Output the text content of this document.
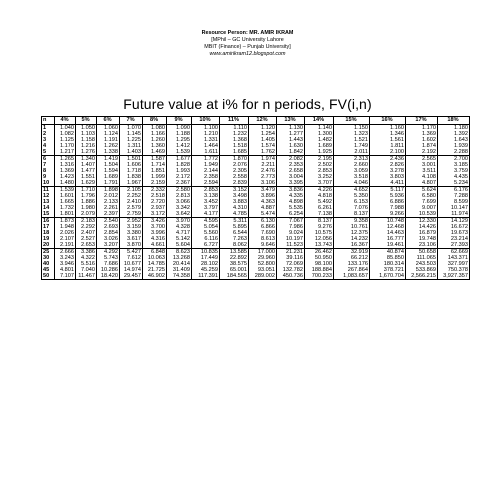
Resource Person: MR. AMIR IKRAM
[MPhil – GC University Lahore
MBIT (Finance) – Punjab University]
www.amirikram12.blogspot.com
Future value at i% for n periods, FV(i,n)
n	4%	5%	6%	7%	8%	9%	10%	11%	12%	13%	14%	15%	16%	17%	18%
1	1.040	1.050	1.060	1.070	1.080	1.090	1.100	1.110	1.120	1.130	1.140	1.150	1.160	1.170	1.180
2	1.082	1.103	1.124	1.145	1.166	1.188	1.210	1.232	1.254	1.277	1.300	1.323	1.346	1.369	1.392
3	1.125	1.158	1.191	1.225	1.260	1.295	1.331	1.368	1.405	1.443	1.482	1.521	1.561	1.602	1.643
4	1.170	1.216	1.262	1.311	1.360	1.412	1.464	1.518	1.574	1.630	1.689	1.749	1.811	1.874	1.939
5	1.217	1.276	1.338	1.403	1.469	1.539	1.611	1.685	1.762	1.842	1.925	2.011	2.100	2.192	2.288
6	1.265	1.340	1.419	1.501	1.587	1.677	1.772	1.870	1.974	2.082	2.195	2.313	2.436	2.565	2.700
7	1.316	1.407	1.504	1.606	1.714	1.828	1.949	2.076	2.211	2.353	2.502	2.660	2.826	3.001	3.185
8	1.369	1.477	1.594	1.718	1.851	1.993	2.144	2.305	2.476	2.658	2.853	3.059	3.278	3.511	3.759
9	1.423	1.551	1.689	1.838	1.999	2.172	2.358	2.558	2.773	3.004	3.252	3.518	3.803	4.108	4.435
10	1.480	1.629	1.791	1.967	2.159	2.367	2.594	2.839	3.106	3.395	3.707	4.046	4.411	4.807	5.234
11	1.539	1.710	1.898	2.105	2.332	2.580	2.853	3.152	3.479	3.836	4.226	4.652	5.117	5.624	6.176
12	1.601	1.796	2.012	2.252	2.518	2.813	3.138	3.498	3.896	4.335	4.818	5.350	5.936	6.580	7.288
13	1.665	1.886	2.133	2.410	2.720	3.066	3.452	3.883	4.363	4.898	5.492	6.153	6.886	7.699	8.599
14	1.732	1.980	2.261	2.579	2.937	3.342	3.797	4.310	4.887	5.535	6.261	7.076	7.988	9.007	10.147
15	1.801	2.079	2.397	2.759	3.172	3.642	4.177	4.785	5.474	6.254	7.138	8.137	9.266	10.539	11.974
16	1.873	2.183	2.540	2.952	3.426	3.970	4.595	5.311	6.130	7.067	8.137	9.358	10.748	12.330	14.129
17	1.948	2.292	2.693	3.159	3.700	4.328	5.054	5.895	6.866	7.986	9.276	10.761	12.468	14.426	16.672
18	2.026	2.407	2.854	3.380	3.996	4.717	5.560	6.544	7.690	9.024	10.575	12.375	14.463	16.879	19.673
19	2.107	2.527	3.026	3.617	4.316	5.142	6.116	7.263	8.613	10.197	12.056	14.232	16.777	19.748	23.214
20	2.191	2.653	3.207	3.870	4.661	5.604	6.727	8.062	9.646	11.523	13.743	16.367	19.461	23.106	27.393
25	2.666	3.386	4.292	5.427	6.848	8.623	10.835	13.585	17.000	21.231	26.462	32.919	40.874	50.658	62.669
30	3.243	4.322	5.743	7.612	10.063	13.268	17.449	22.892	29.960	39.116	50.950	66.212	85.850	111.065	143.371
40	3.946	5.516	7.686	10.677	14.785	20.414	28.102	38.575	52.800	72.069	98.100	133.176	180.314	243.503	327.997
45	4.801	7.040	10.286	14.974	21.725	31.409	45.259	65.001	93.051	132.782	188.884	267.864	378.721	533.869	750.378
50	7.107	11.467	18.420	29.457	46.902	74.358	117.391	184.565	289.002	450.736	700.233	1,083.657	1,670.704	2,566.215	3,927.357
